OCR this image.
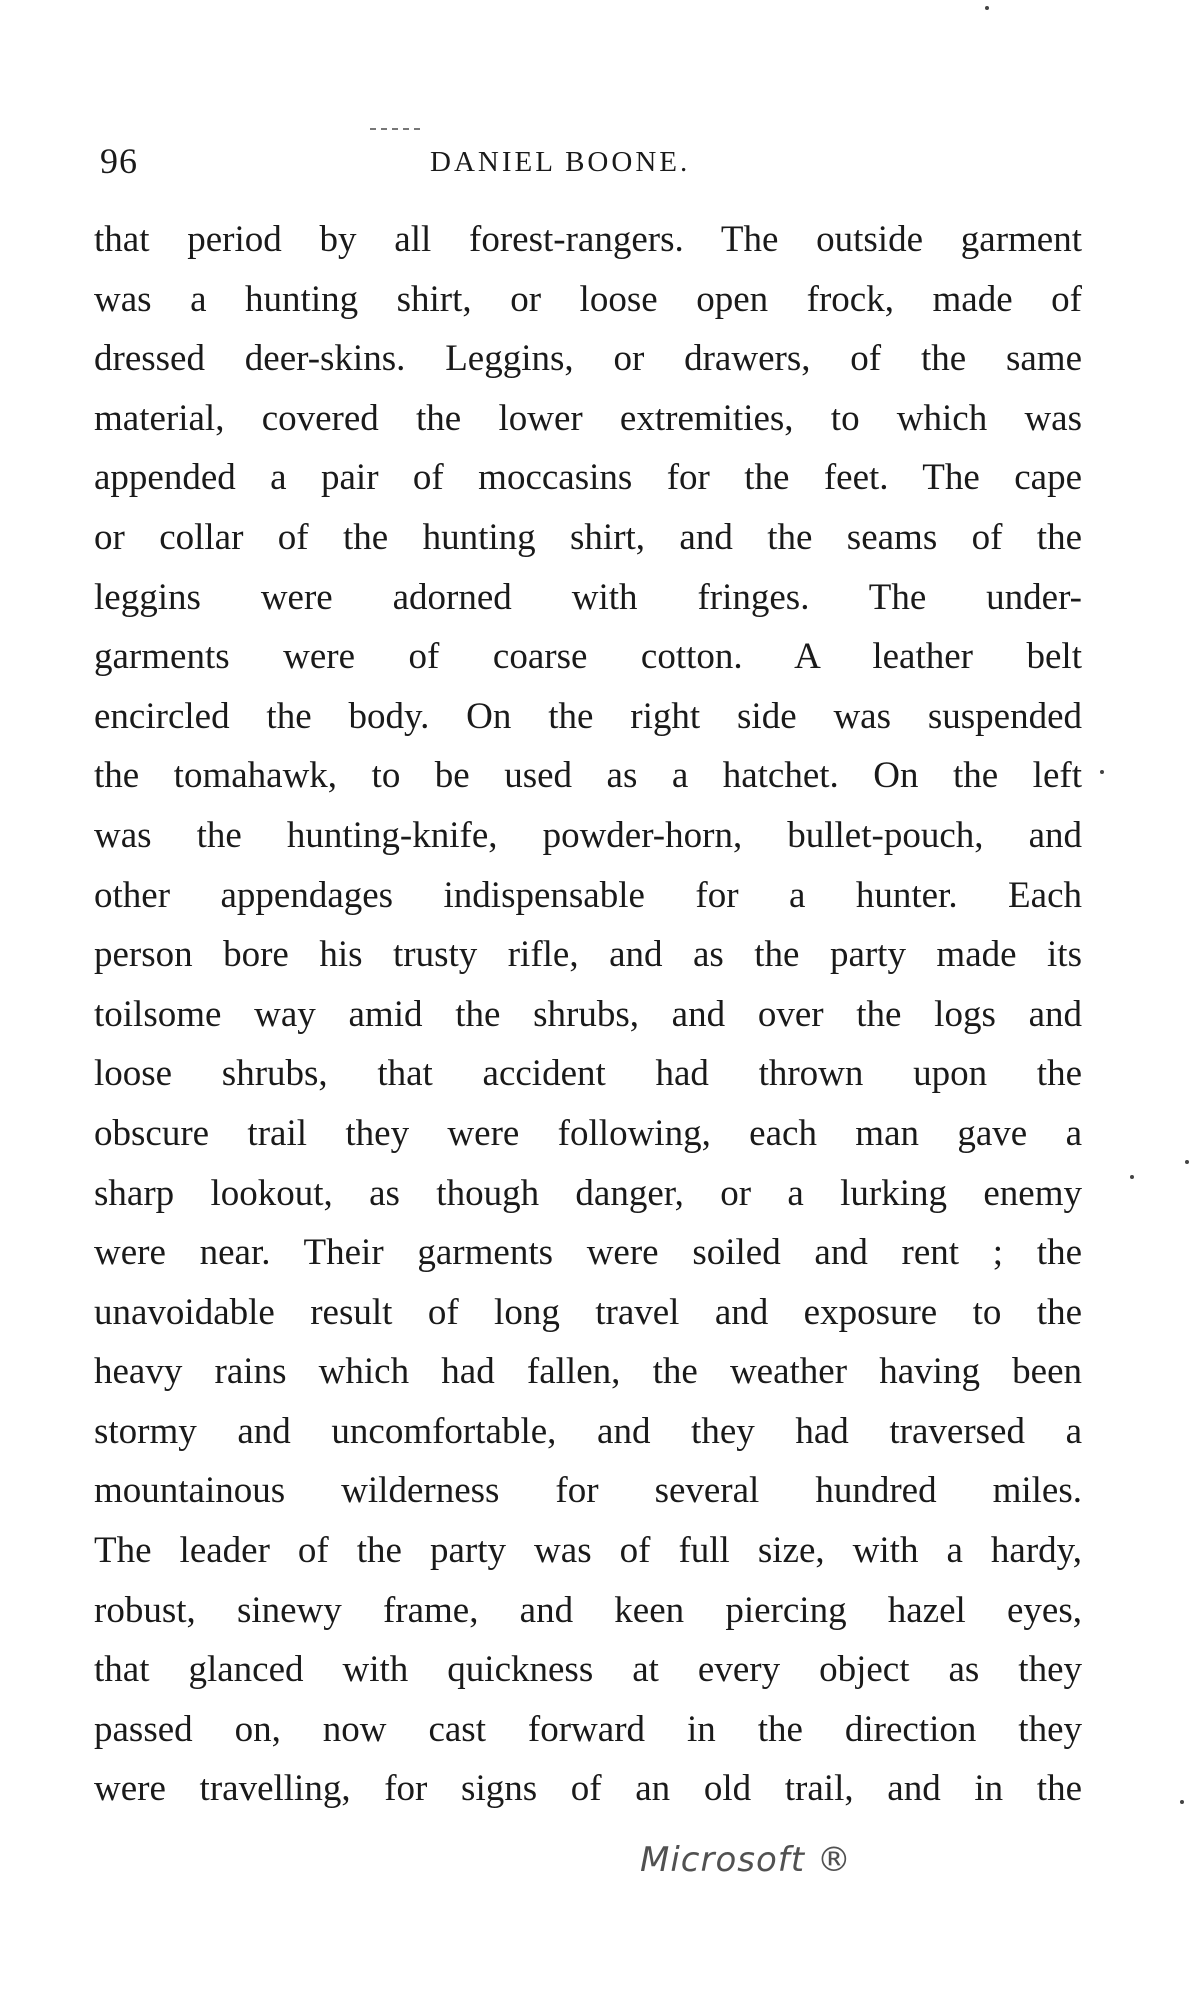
96	DANIEL BOONE.
that period by all forest-rangers. The outside garment
was a hunting shirt, or loose open frock, made of
dressed deer-skins. Leggins, or drawers, of the same
material, covered the lower extremities, to which was
appended a pair of moccasins for the feet. The cape
or collar of the hunting shirt, and the seams of the
leggins were adorned with fringes. The under-
garments were of coarse cotton. A leather belt
encircled the body. On the right side was suspended
the tomahawk, to be used as a hatchet. On the left
was the hunting-knife, powder-horn, bullet-pouch, and
other appendages indispensable for a hunter. Each
person bore his trusty rifle, and as the party made its
toilsome way amid the shrubs, and over the logs and
loose shrubs, that accident had thrown upon the
obscure trail they were following, each man gave a
sharp lookout, as though danger, or a lurking enemy
were near. Their garments were soiled and rent ; the
unavoidable result of long travel and exposure to the
heavy rains which had fallen, the weather having been
stormy and uncomfortable, and they had traversed a
mountainous wilderness for several hundred miles.
The leader of the party was of full size, with a hardy,
robust, sinewy frame, and keen piercing hazel eyes,
that glanced with quickness at every object as they
passed on, now cast forward in the direction they
were travelling, for signs of an old trail, and in the
Microsoft ®
